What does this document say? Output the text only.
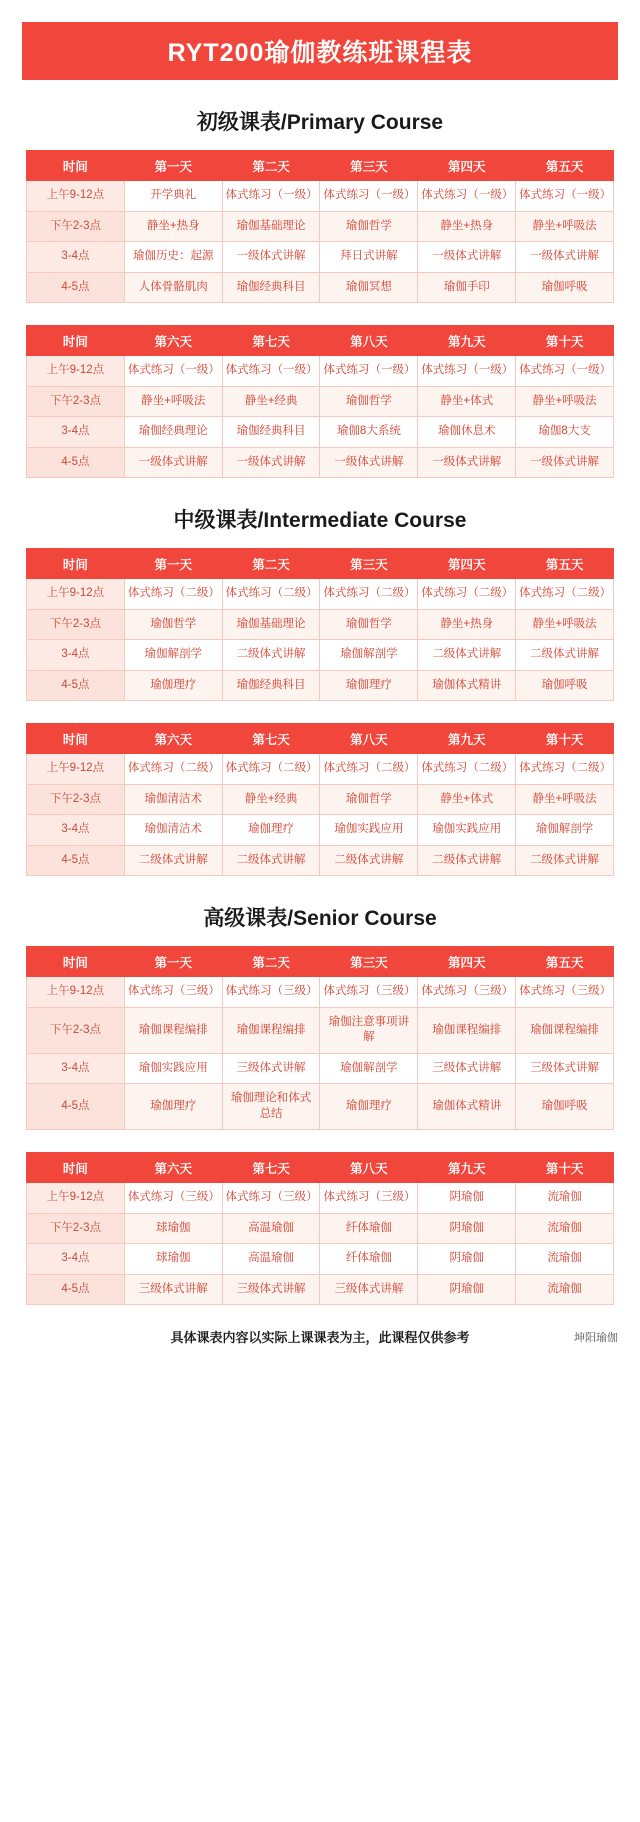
RYT200瑜伽教练班课程表
初级课表/Primary Course
时间	第一天	第二天	第三天	第四天	第五天
上午9-12点	开学典礼	体式练习（一级）	体式练习（一级）	体式练习（一级）	体式练习（一级）
下午2-3点	静坐+热身	瑜伽基础理论	瑜伽哲学	静坐+热身	静坐+呼吸法
3-4点	瑜伽历史：起源	一级体式讲解	拜日式讲解	一级体式讲解	一级体式讲解
4-5点	人体骨骼肌肉	瑜伽经典科目	瑜伽冥想	瑜伽手印	瑜伽呼吸
时间	第六天	第七天	第八天	第九天	第十天
上午9-12点	体式练习（一级）	体式练习（一级）	体式练习（一级）	体式练习（一级）	体式练习（一级）
下午2-3点	静坐+呼吸法	静坐+经典	瑜伽哲学	静坐+体式	静坐+呼吸法
3-4点	瑜伽经典理论	瑜伽经典科目	瑜伽8大系统	瑜伽休息术	瑜伽8大支
4-5点	一级体式讲解	一级体式讲解	一级体式讲解	一级体式讲解	一级体式讲解
中级课表/Intermediate Course
时间	第一天	第二天	第三天	第四天	第五天
上午9-12点	体式练习（二级）	体式练习（二级）	体式练习（二级）	体式练习（二级）	体式练习（二级）
下午2-3点	瑜伽哲学	瑜伽基础理论	瑜伽哲学	静坐+热身	静坐+呼吸法
3-4点	瑜伽解剖学	二级体式讲解	瑜伽解剖学	二级体式讲解	二级体式讲解
4-5点	瑜伽理疗	瑜伽经典科目	瑜伽理疗	瑜伽体式精讲	瑜伽呼吸
时间	第六天	第七天	第八天	第九天	第十天
上午9-12点	体式练习（二级）	体式练习（二级）	体式练习（二级）	体式练习（二级）	体式练习（二级）
下午2-3点	瑜伽清洁术	静坐+经典	瑜伽哲学	静坐+体式	静坐+呼吸法
3-4点	瑜伽清洁术	瑜伽理疗	瑜伽实践应用	瑜伽实践应用	瑜伽解剖学
4-5点	二级体式讲解	二级体式讲解	二级体式讲解	二级体式讲解	二级体式讲解
高级课表/Senior Course
时间	第一天	第二天	第三天	第四天	第五天
上午9-12点	体式练习（三级）	体式练习（三级）	体式练习（三级）	体式练习（三级）	体式练习（三级）
下午2-3点	瑜伽课程编排	瑜伽课程编排	瑜伽注意事项讲解	瑜伽课程编排	瑜伽课程编排
3-4点	瑜伽实践应用	三级体式讲解	瑜伽解剖学	三级体式讲解	三级体式讲解
4-5点	瑜伽理疗	瑜伽理论和体式总结	瑜伽理疗	瑜伽体式精讲	瑜伽呼吸
时间	第六天	第七天	第八天	第九天	第十天
上午9-12点	体式练习（三级）	体式练习（三级）	体式练习（三级）	阴瑜伽	流瑜伽
下午2-3点	球瑜伽	高温瑜伽	纤体瑜伽	阴瑜伽	流瑜伽
3-4点	球瑜伽	高温瑜伽	纤体瑜伽	阴瑜伽	流瑜伽
4-5点	三级体式讲解	三级体式讲解	三级体式讲解	阴瑜伽	流瑜伽
具体课表内容以实际上课课表为主，此课程仅供参考	坤阳瑜伽
